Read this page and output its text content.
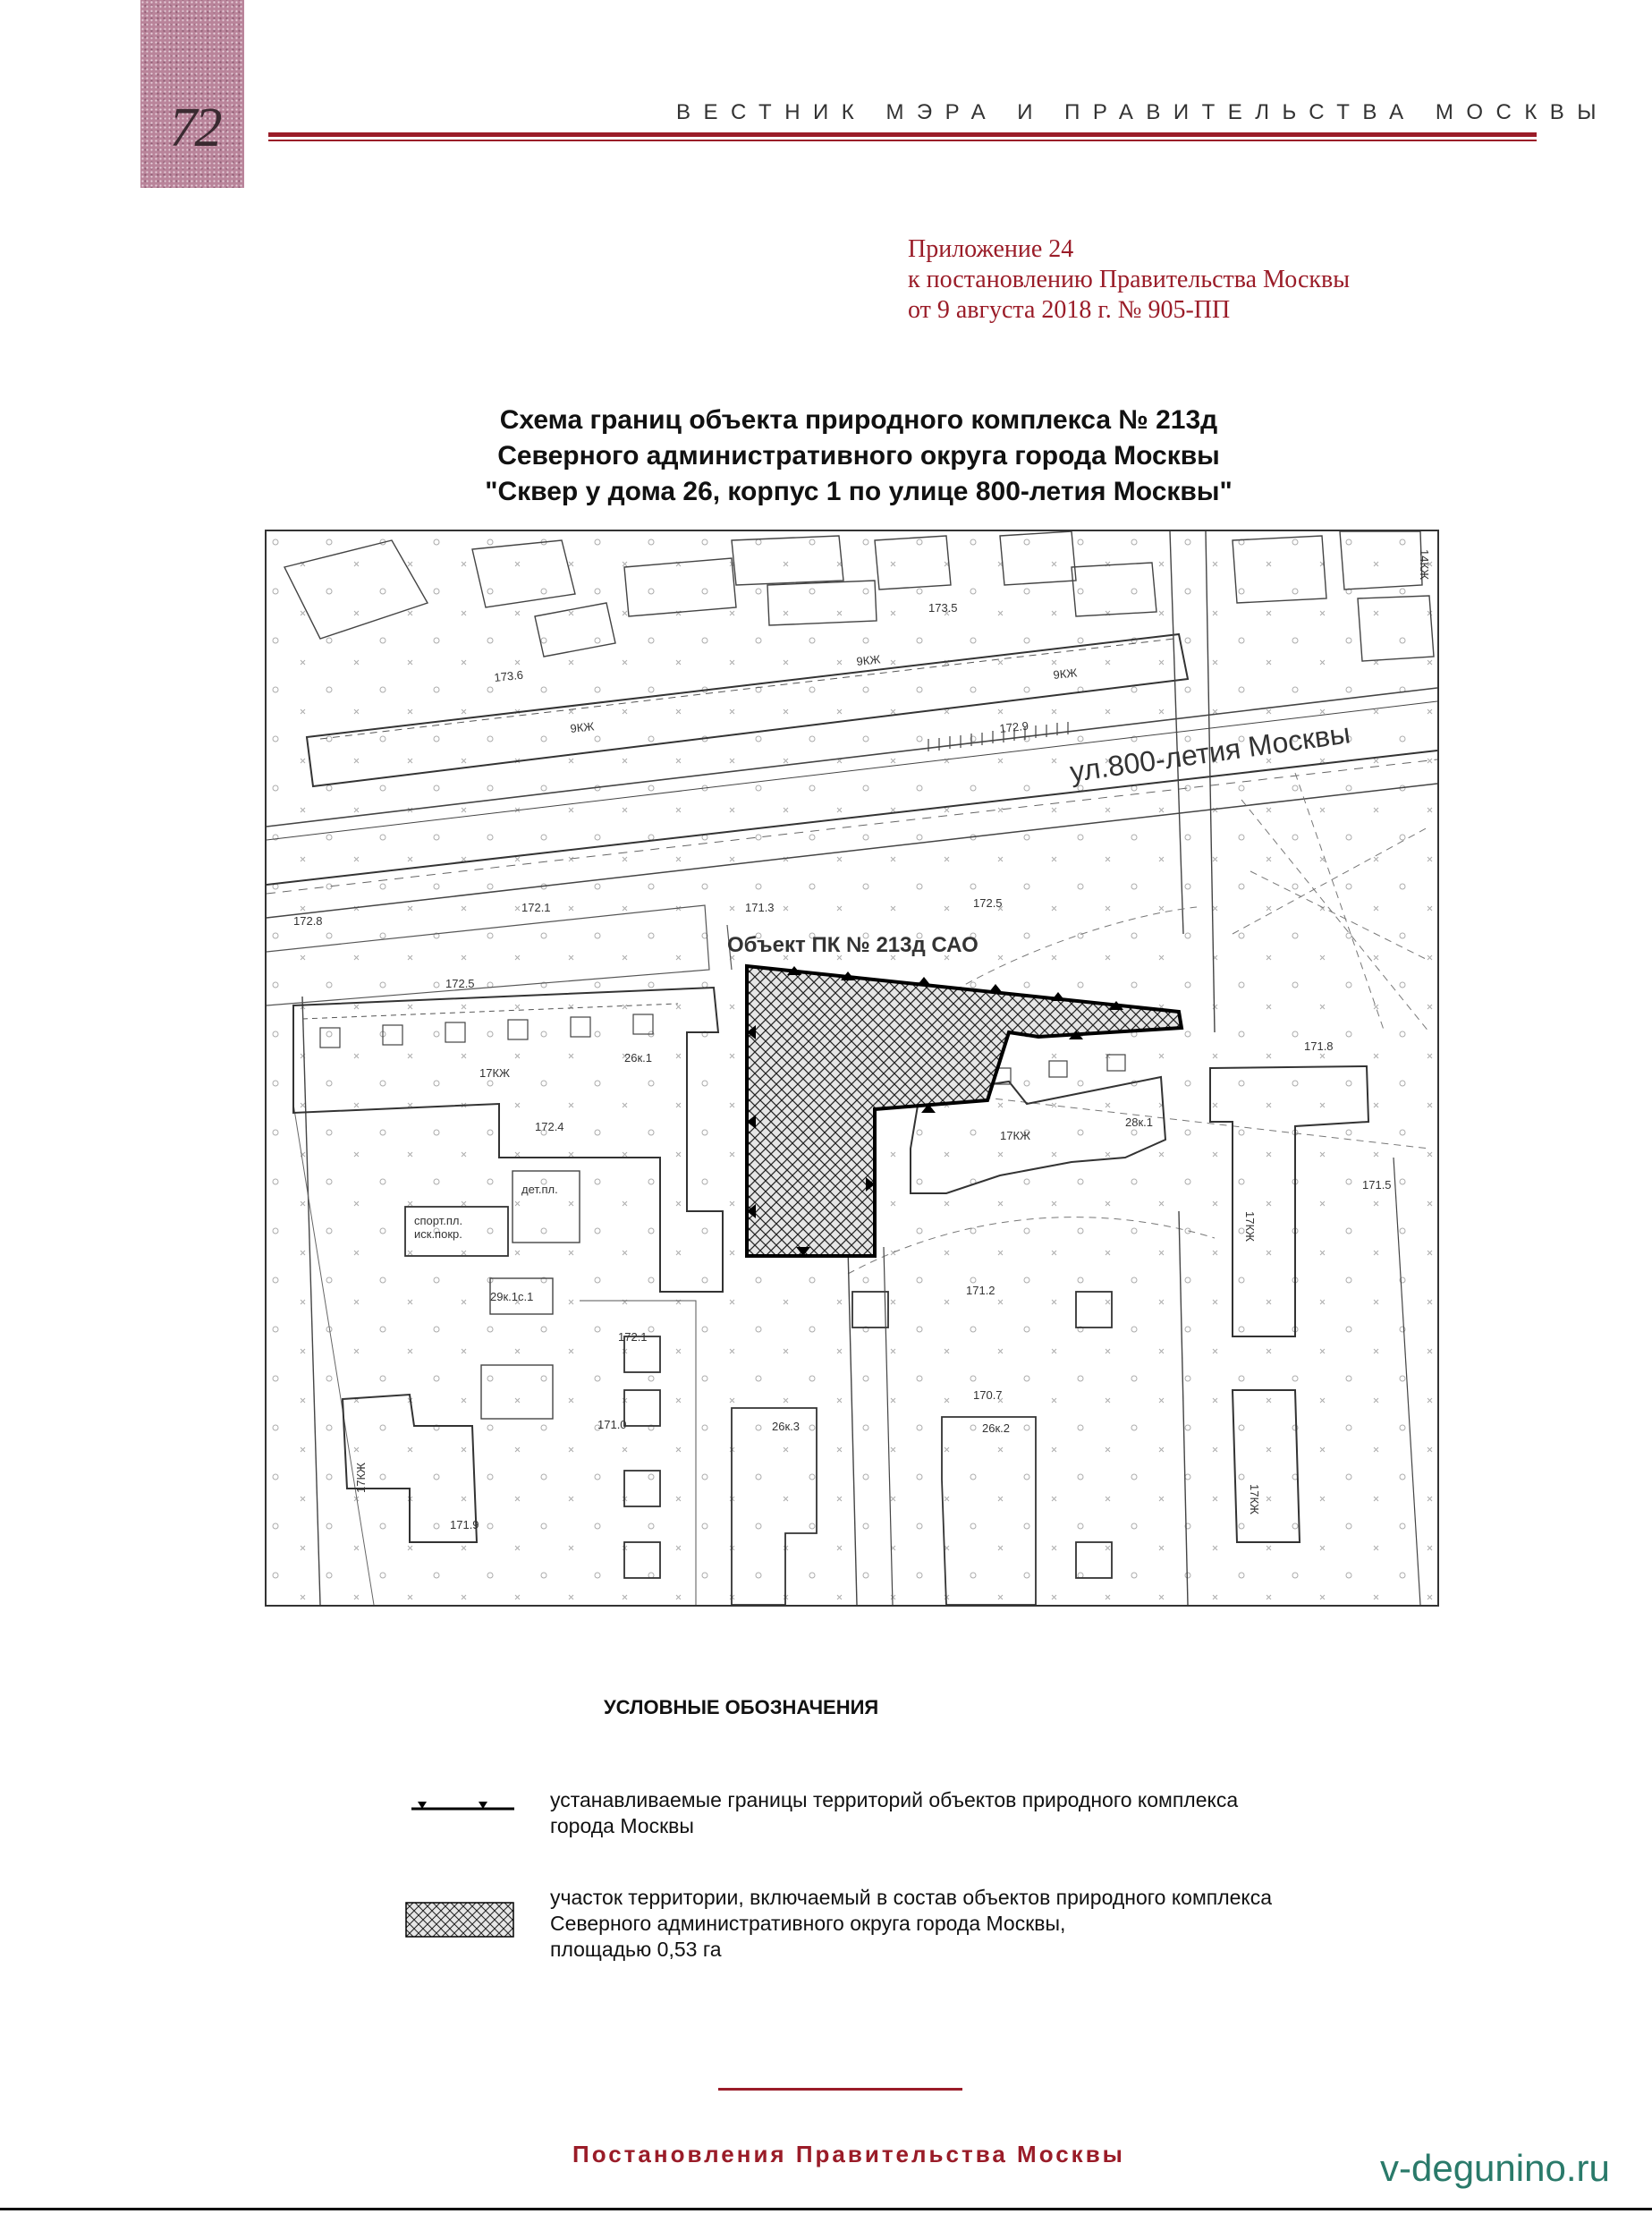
72	ВЕСТНИК МЭРА И ПРАВИТЕЛЬСТВА МОСКВЫ
Приложение 24
к постановлению Правительства Москвы
от 9 августа 2018 г. № 905-ПП
Схема границ объекта природного комплекса № 213д
Северного административного округа города Москвы
"Сквер у дома 26, корпус 1 по улице 800-летия Москвы"
ул.800-летия Москвы
Объект ПК № 213д САО
9КЖ
9КЖ
9КЖ
17КЖ
17КЖ
17КЖ
17КЖ
17КЖ
14КЖ
28к.1
26к.1
26к.3	26к.2
29к.1с.1
спорт.пл.
иск.покр.
дет.пл.
172.8
172.1
172.5
172.4
171.3
171.2
172.1
171.0
171.9
170.7
173.6
173.5
172.9
172.5
171.8
171.5
УСЛОВНЫЕ ОБОЗНАЧЕНИЯ
устанавливаемые границы территорий объектов природного комплекса
города Москвы
участок территории, включаемый в состав объектов природного комплекса
Северного административного округа города Москвы,
площадью 0,53 га
Постановления Правительства Москвы	v-degunino.ru
